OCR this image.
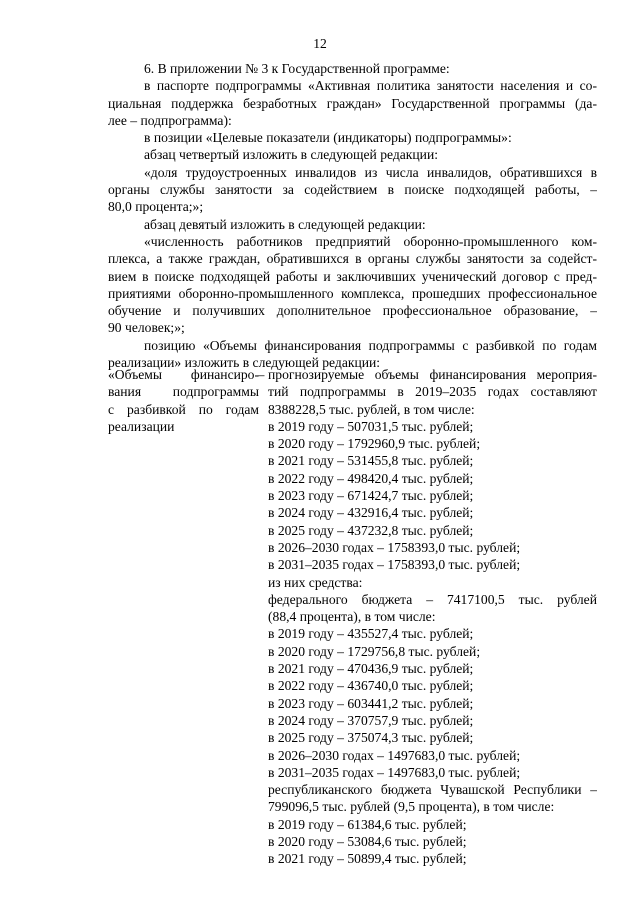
12
6. В приложении № 3 к Государственной программе:
в паспорте подпрограммы «Активная политика занятости населения и со-
циальная поддержка безработных граждан» Государственной программы (да-
лее – подпрограмма):
в позиции «Целевые показатели (индикаторы) подпрограммы»:
абзац четвертый изложить в следующей редакции:
«доля трудоустроенных инвалидов из числа инвалидов, обратившихся в
органы службы занятости за содействием в поиске подходящей работы, –
80,0 процента;»;
абзац девятый изложить в следующей редакции:
«численность работников предприятий оборонно-промышленного ком-
плекса, а также граждан, обратившихся в органы службы занятости за содейст-
вием в поиске подходящей работы и заключивших ученический договор с пред-
приятиями оборонно-промышленного комплекса, прошедших профессиональное
обучение и получивших дополнительное профессиональное образование, –
90 человек;»;
позицию «Объемы финансирования подпрограммы с разбивкой по годам
реализации» изложить в следующей редакции:
«Объемы финансиро-
вания подпрограммы
с разбивкой по годам
реализации
– прогнозируемые объемы финансирования мероприя-
тий подпрограммы в 2019–2035 годах составляют
8388228,5 тыс. рублей, в том числе:
в 2019 году – 507031,5 тыс. рублей;
в 2020 году – 1792960,9 тыс. рублей;
в 2021 году – 531455,8 тыс. рублей;
в 2022 году – 498420,4 тыс. рублей;
в 2023 году – 671424,7 тыс. рублей;
в 2024 году – 432916,4 тыс. рублей;
в 2025 году – 437232,8 тыс. рублей;
в 2026–2030 годах – 1758393,0 тыс. рублей;
в 2031–2035 годах – 1758393,0 тыс. рублей;
из них средства:
федерального бюджета – 7417100,5 тыс. рублей
(88,4 процента), в том числе:
в 2019 году – 435527,4 тыс. рублей;
в 2020 году – 1729756,8 тыс. рублей;
в 2021 году – 470436,9 тыс. рублей;
в 2022 году – 436740,0 тыс. рублей;
в 2023 году – 603441,2 тыс. рублей;
в 2024 году – 370757,9 тыс. рублей;
в 2025 году – 375074,3 тыс. рублей;
в 2026–2030 годах – 1497683,0 тыс. рублей;
в 2031–2035 годах – 1497683,0 тыс. рублей;
республиканского бюджета Чувашской Республики –
799096,5 тыс. рублей (9,5 процента), в том числе:
в 2019 году – 61384,6 тыс. рублей;
в 2020 году – 53084,6 тыс. рублей;
в 2021 году – 50899,4 тыс. рублей;
